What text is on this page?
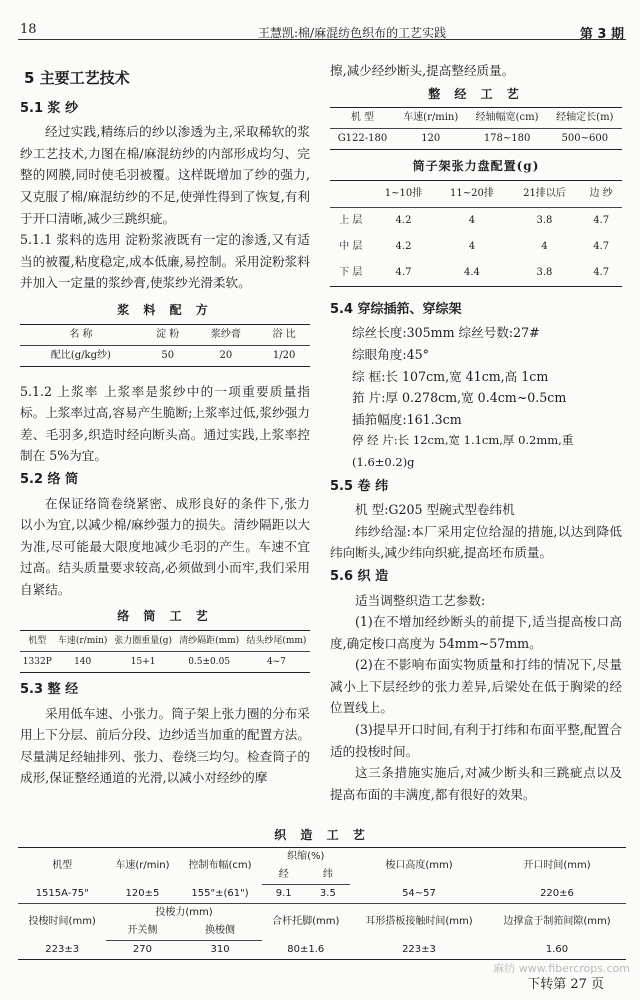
18	王慧凯:棉/麻混纺色织布的工艺实践	第 3 期
5 主要工艺技术
5.1 浆 纱

经过实践,精练后的纱以渗透为主,采取稀软的浆纱工艺技术,力图在棉/麻混纺纱的内部形成均匀、完整的网膜,同时使毛羽被覆。这样既增加了纱的强力,又克服了棉/麻混纺纱的不足,使弹性得到了恢复,有利于开口清晰,减少三跳织疵。

5.1.1 浆料的选用 淀粉浆液既有一定的渗透,又有适当的被覆,粘度稳定,成本低廉,易控制。采用淀粉浆料并加入一定量的浆纱膏,使浆纱光滑柔软。

浆 料 配 方
名 称	淀 粉	浆纱膏	浴 比
配比(g/kg纱)	50	20	1/20

5.1.2 上浆率 上浆率是浆纱中的一项重要质量指标。上浆率过高,容易产生脆断;上浆率过低,浆纱强力差、毛羽多,织造时经向断头高。通过实践,上浆率控制在 5%为宜。

5.2 络 筒

在保证络筒卷绕紧密、成形良好的条件下,张力以小为宜,以减少棉/麻纱强力的损失。清纱隔距以大为准,尽可能最大限度地减少毛羽的产生。车速不宜过高。结头质量要求较高,必须做到小而牢,我们采用自紧结。

络 筒 工 艺
机型	车速(r/min)	张力圈重量(g)	清纱隔距(mm)	结头纱尾(mm)
1332P	140	15+1	0.5±0.05	4~7
5.3 整 经

采用低车速、小张力。筒子架上张力圈的分布采用上下分层、前后分段、边纱适当加重的配置方法。尽量满足经轴排列、张力、卷绕三均匀。检查筒子的成形,保证整经通道的光滑,以减小对经纱的摩

擦,减少经纱断头,提高整经质量。

整 经 工 艺
机 型	车速(r/min)	经轴幅宽(cm)	经轴定长(m)
G122-180	120	178~180	500~600
筒子架张力盘配置(g)
	1~10排	11~20排	21排以后	边 纱
上 层	4.2	4	3.8	4.7
中 层	4.2	4	4	4.7
下 层	4.7	4.4	3.8	4.7
5.4 穿综插筘、穿综架
综丝长度:305mm 综丝号数:27#
综眼角度:45°
综 框:长 107cm,宽 41cm,高 1cm
筘 片:厚 0.278cm,宽 0.4cm~0.5cm
插筘幅度:161.3cm
停 经 片:长 12cm,宽 1.1cm,厚 0.2mm,重(1.6±0.2)g
5.5 卷 纬

机 型:G205 型碗式型卷纬机

纬纱给湿:本厂采用定位给湿的措施,以达到降低纬向断头,减少纬向织疵,提高坯布质量。

5.6 织 造

适当调整织造工艺参数:

(1)在不增加经纱断头的前提下,适当提高梭口高度,确定梭口高度为 54mm~57mm。

(2)在不影响布面实物质量和打纬的情况下,尽量减小上下层经纱的张力差异,后梁处在低于胸梁的经位置线上。

(3)提早开口时间,有利于打纬和布面平整,配置合适的投梭时间。

这三条措施实施后,对减少断头和三跳疵点以及提高布面的丰满度,都有很好的效果。

织 造 工 艺
机型	车速(r/min)	控制布幅(cm)	织缩(%)		梭口高度(mm)	开口时间(mm)
			经	纬		
1515A-75"	120±5	155"±(61")	9.1	3.5	54~57	220±6
投梭时间(mm)	投梭力(mm)		合杆托脚(mm)		耳形搭板接触时间(mm)	边撑盒于制筘间隙(mm)
	开关侧	换梭侧				
223±3	270	310	80±1.6		223±3	1.60
下转第 27 页
麻纺 www.fibercrops.com
